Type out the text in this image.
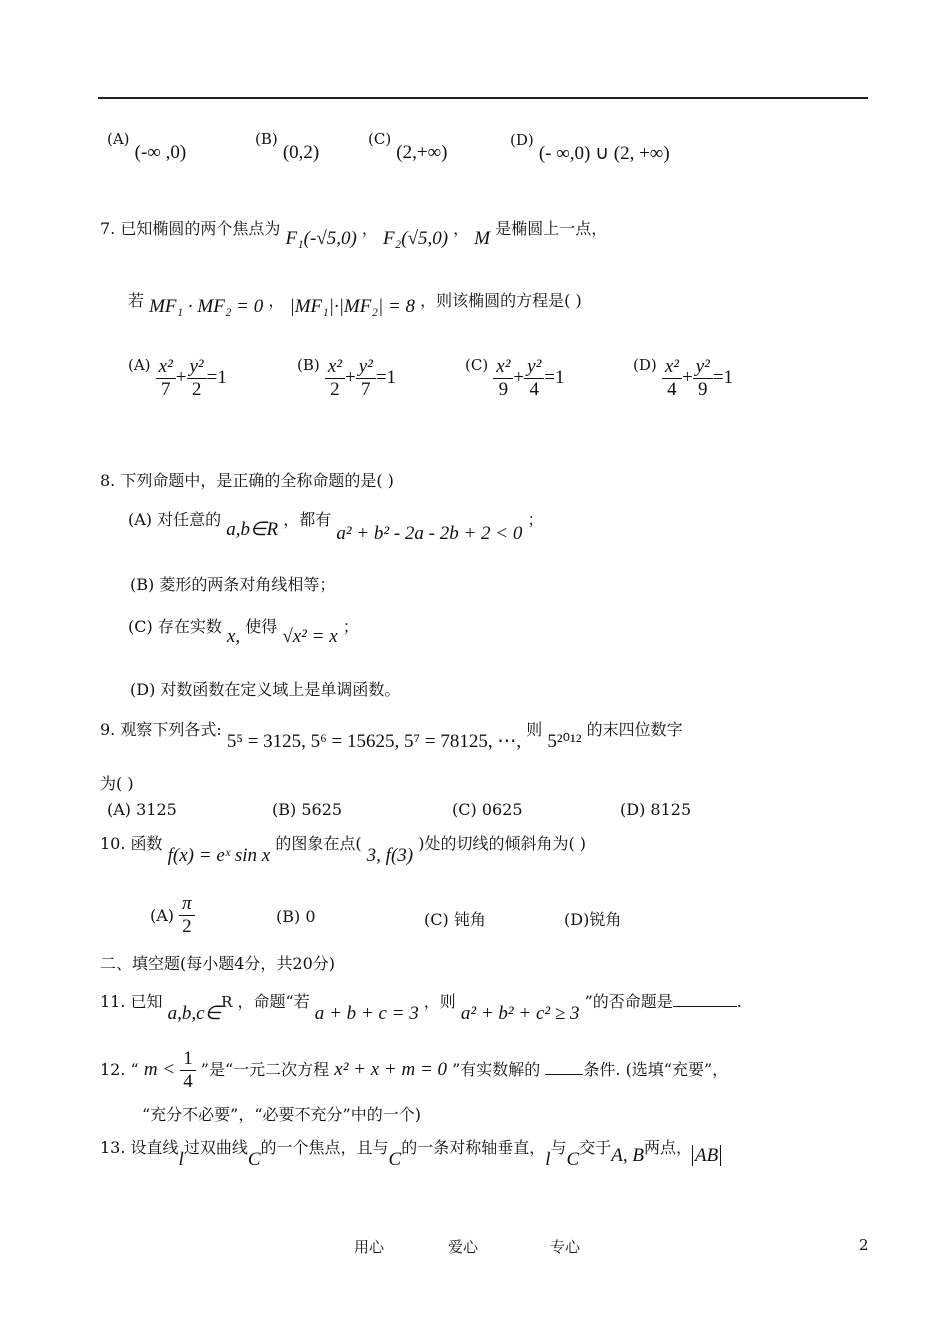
(A) (-∞ ,0)
(B) (0,2)
(C) (2,+∞)
(D) (- ∞,0) ∪ (2, +∞)
7. 已知椭圆的两个焦点为 F₁(-√5,0) ， F₂(√5,0) ， M 是椭圆上一点，
若 MF₁ · MF₂ = 0 ， |MF₁|·|MF₂| = 8 ，则该椭圆的方程是( )
$(A) \frac{\text{x²}}{7} + \frac{\text{y²}}{2} =1$
$(B) \frac{\text{x²}}{2} + \frac{\text{y²}}{7} =1$
$(C) \frac{\text{x²}}{9} + \frac{\text{y²}}{4} =1$
$(D) \frac{\text{x²}}{4} + \frac{\text{y²}}{9} =1$
8. 下列命题中，是正确的全称命题的是( )
(A) 对任意的 a,b∈R ，都有 a² + b² - 2a - 2b + 2 < 0 ；
(B) 菱形的两条对角线相等；
(C) 存在实数 x, 使得 √x² = x ；
(D) 对数函数在定义域上是单调函数。
9. 观察下列各式: 5⁵ = 3125, 5⁶ = 15625, 5⁷ = 78125, ⋯, 则 5²⁰¹² 的末四位数字
为( )
(A) 3125	(B) 5625	(C) 0625	(D) 8125
10. 函数 f(x) = eˣ sin x 的图象在点( 3, f(3) )处的切线的倾斜角为( )
$(A) \frac{\pi}{2}$	(B) 0	(C) 钝角	(D)锐角
二、填空题(每小题4分，共20分)
11. 已知 a,b,c∈R ，命题“若 a + b + c = 3 ，则 a² + b² + c² ≥ 3 ”的否命题是	.
12. “ $m < \frac{1}{4}$ ”是“一元二次方程 x² + x + m = 0 ”有实数解的	条件. (选填“充要”，
“充分不必要”，“必要不充分”中的一个)
13. 设直线l过双曲线C的一个焦点，且与C的一条对称轴垂直，l与C交于A, B两点， AB
用心	爱心	专心	2
